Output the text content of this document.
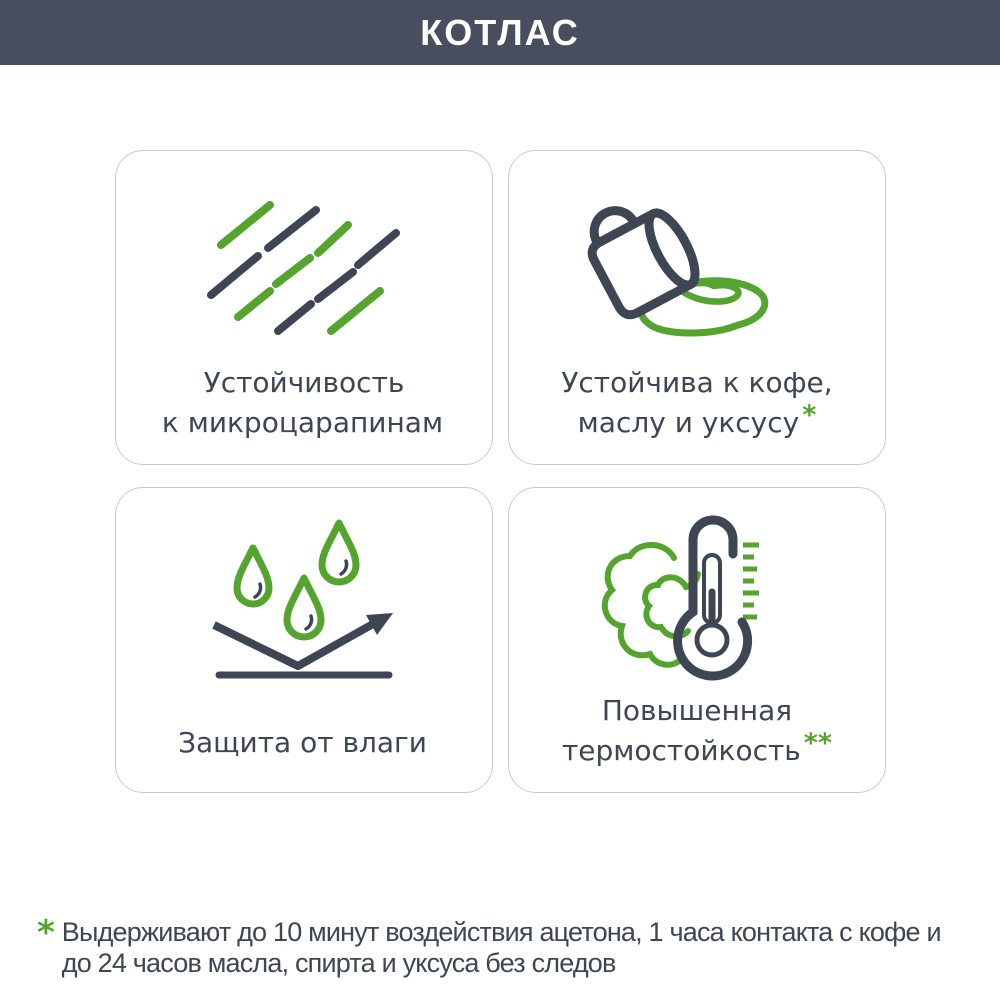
КОТЛАС
Устойчивость
к микроцарапинам
Устойчива к кофе,
маслу и уксусу *
Защита от влаги
Повышенная
термостойкость **
* Выдерживают до 10 минут воздействия ацетона, 1 часа контакта с кофе и
до 24 часов масла, спирта и уксуса без следов
